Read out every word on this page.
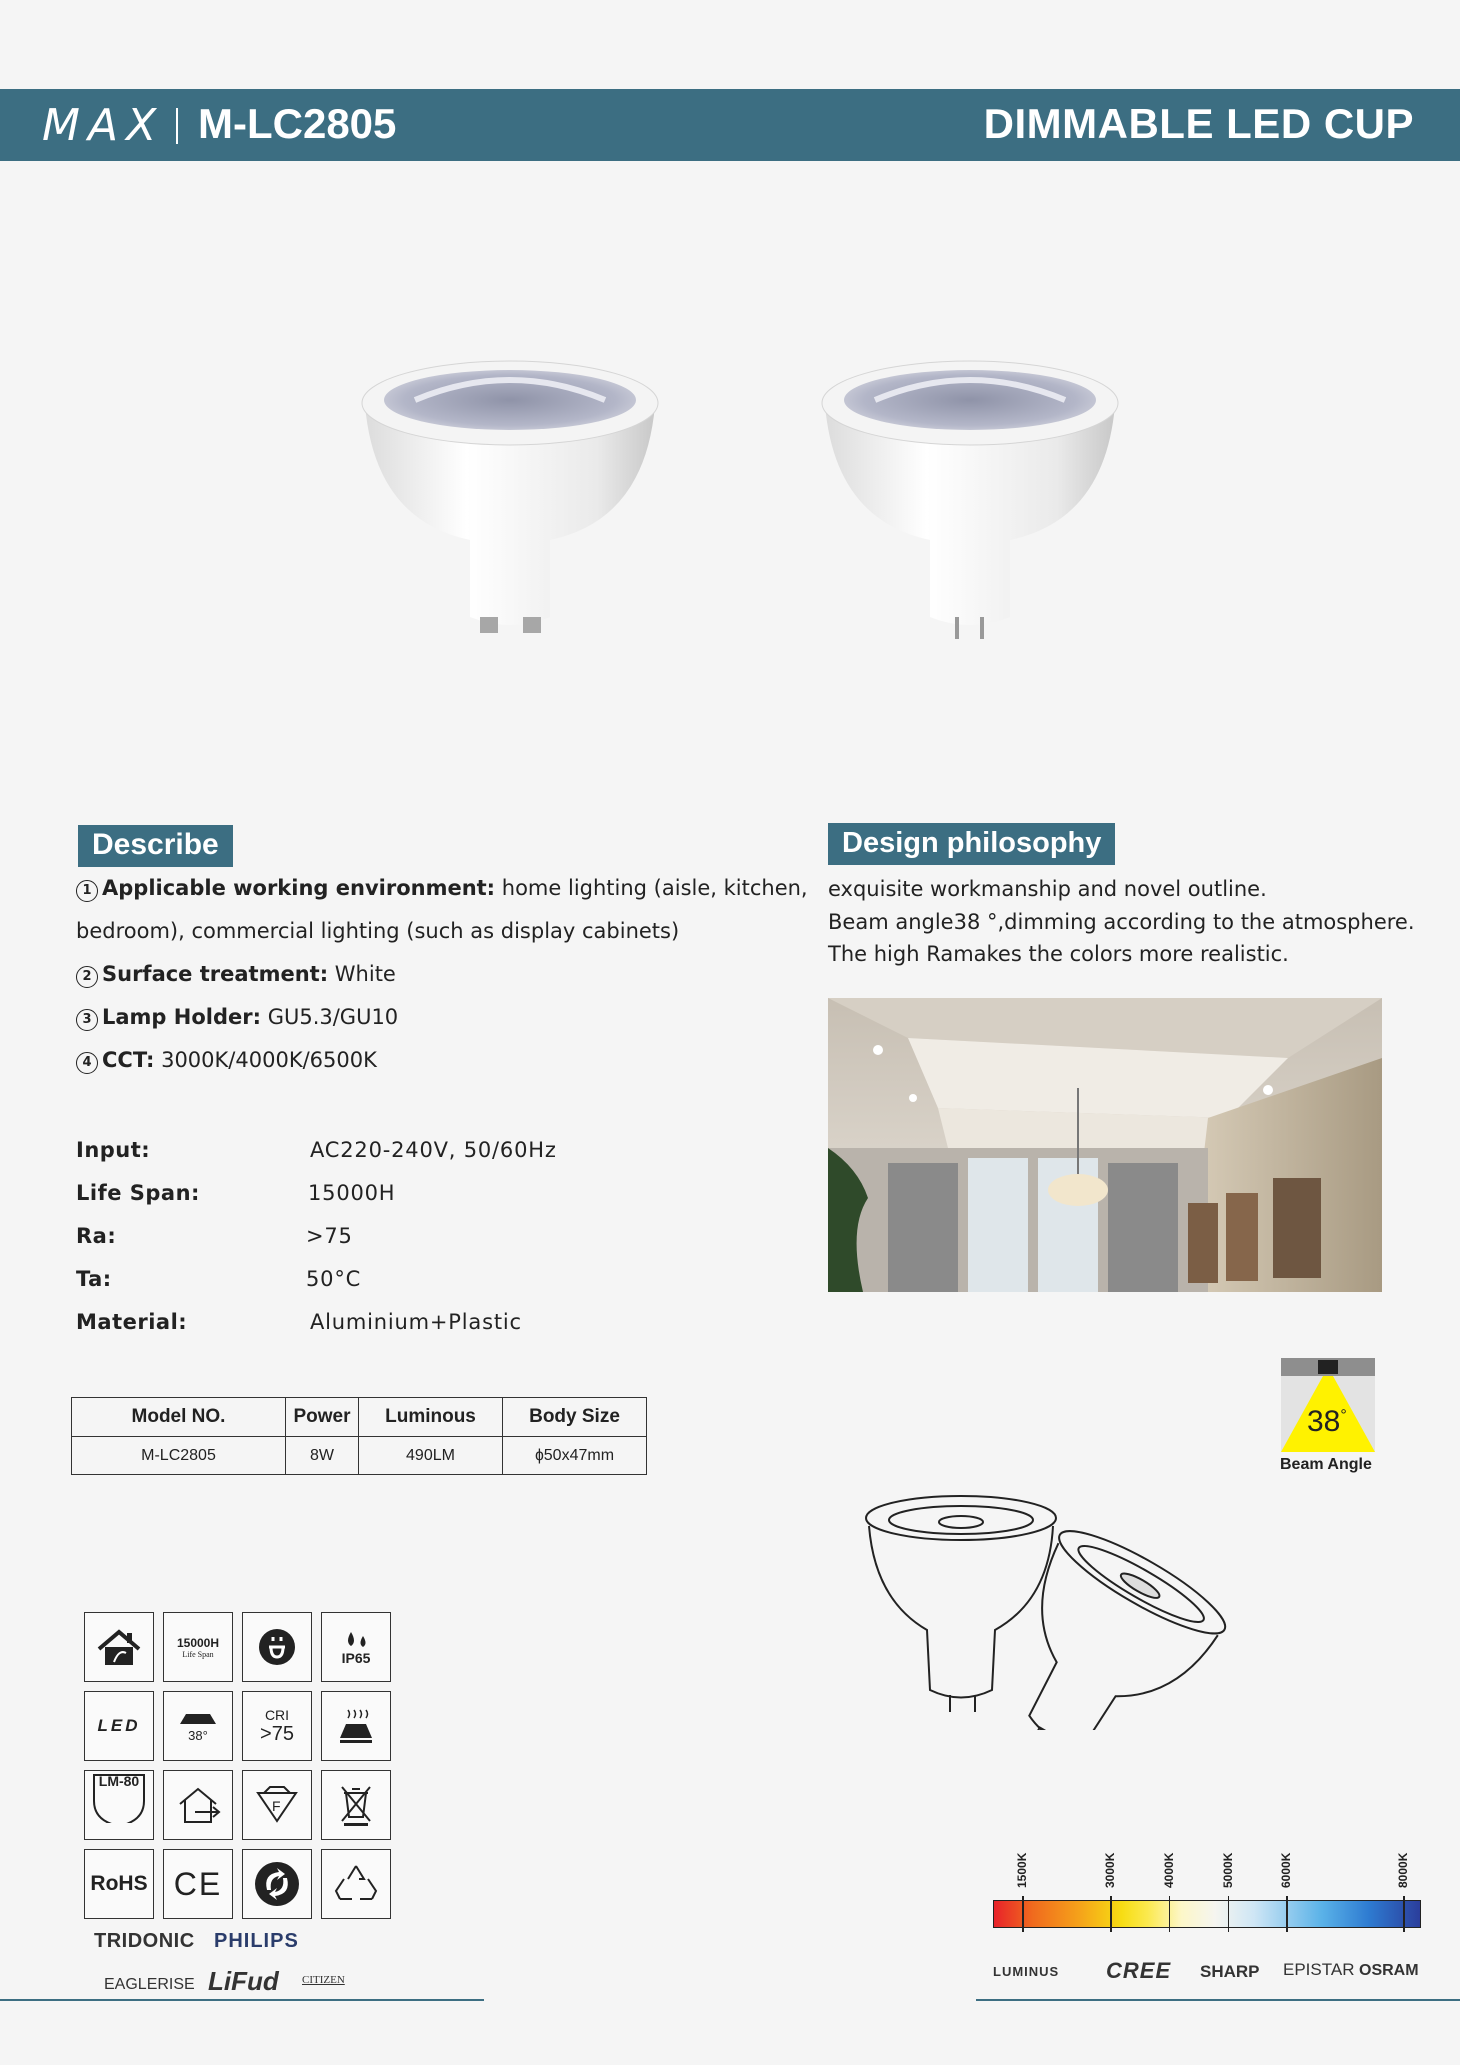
MAX M-LC2805	DIMMABLE LED CUP
Describe
1 Applicable working environment: home lighting (aisle, kitchen,
bedroom), commercial lighting (such as display cabinets)
2 Surface treatment: White
3 Lamp Holder: GU5.3/GU10
4 CCT: 3000K/4000K/6500K
Input:	AC220-240V, 50/60Hz
Life Span:	15000H
Ra:	>75
Ta:	50°C
Material:	Aluminium+Plastic
Design philosophy
exquisite workmanship and novel outline.
Beam angle38 °,dimming according to the atmosphere.
The high Ramakes the colors more realistic.
Model NO.	Power	Luminous	Body Size
M-LC2805	8W	490LM	ɸ50x47mm
38°
Beam Angle
15000H
Life Span	IP65
LED	38°
CRI
>75
LM-80
F
RoHS CE
TRIDONIC PHILIPS
EAGLERISE LiFud CITIZEN
1500K	3000K	4000K	5000K	6000K	8000K
LUMINUS CREE SHARP EPISTAR OSRAM
